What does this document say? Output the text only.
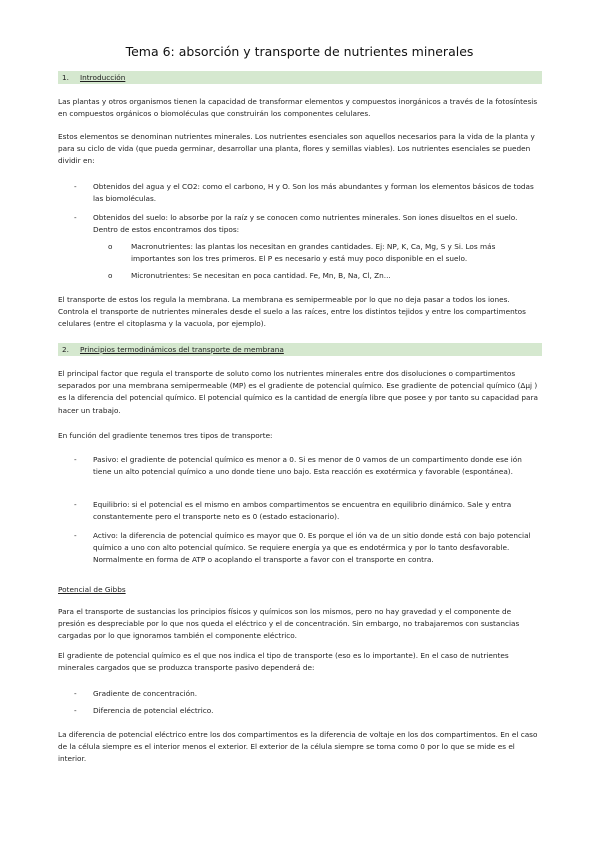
Tema 6: absorción y transporte de nutrientes minerales
1. Introducción

Las plantas y otros organismos tienen la capacidad de transformar elementos y compuestos inorgánicos a través de la fotosíntesis en compuestos orgánicos o biomoléculas que construirán los componentes celulares.

Estos elementos se denominan nutrientes minerales. Los nutrientes esenciales son aquellos necesarios para la vida de la planta y para su ciclo de vida (que pueda germinar, desarrollar una planta, flores y semillas viables). Los nutrientes esenciales se pueden dividir en:

- Obtenidos del agua y el CO2: como el carbono, H y O. Son los más abundantes y forman los elementos básicos de todas las biomoléculas.
- Obtenidos del suelo: lo absorbe por la raíz y se conocen como nutrientes minerales. Son iones disueltos en el suelo. Dentro de estos encontramos dos tipos:
o	Macronutrientes: las plantas los necesitan en grandes cantidades. Ej: NP, K, Ca, Mg, S y Si. Los más importantes son los tres primeros. El P es necesario y está muy poco disponible en el suelo.
o	Micronutrientes: Se necesitan en poca cantidad. Fe, Mn, B, Na, Cl, Zn...

El transporte de estos los regula la membrana. La membrana es semipermeable por lo que no deja pasar a todos los iones. Controla el transporte de nutrientes minerales desde el suelo a las raíces, entre los distintos tejidos y entre los compartimentos celulares (entre el citoplasma y la vacuola, por ejemplo).

2. Principios termodinámicos del transporte de membrana

El principal factor que regula el transporte de soluto como los nutrientes minerales entre dos disoluciones o compartimentos separados por una membrana semipermeable (MP) es el gradiente de potencial químico. Ese gradiente de potencial químico (Δμj ) es la diferencia del potencial químico. El potencial químico es la cantidad de energía libre que posee y por tanto su capacidad para hacer un trabajo.

En función del gradiente tenemos tres tipos de transporte:

- Pasivo: el gradiente de potencial químico es menor a 0. Si es menor de 0 vamos de un compartimento donde ese ión tiene un alto potencial químico a uno donde tiene uno bajo. Esta reacción es exotérmica y favorable (espontánea).
- Equilibrio: si el potencial es el mismo en ambos compartimentos se encuentra en equilibrio dinámico. Sale y entra constantemente pero el transporte neto es 0 (estado estacionario).
- Activo: la diferencia de potencial químico es mayor que 0. Es porque el ión va de un sitio donde está con bajo potencial químico a uno con alto potencial químico. Se requiere energía ya que es endotérmica y por lo tanto desfavorable. Normalmente en forma de ATP o acoplando el transporte a favor con el transporte en contra.

Potencial de Gibbs

Para el transporte de sustancias los principios físicos y químicos son los mismos, pero no hay gravedad y el componente de presión es despreciable por lo que nos queda el eléctrico y el de concentración. Sin embargo, no trabajaremos con sustancias cargadas por lo que ignoramos también el componente eléctrico.

El gradiente de potencial químico es el que nos indica el tipo de transporte (eso es lo importante). En el caso de nutrientes minerales cargados que se produzca transporte pasivo dependerá de:

- Gradiente de concentración.
- Diferencia de potencial eléctrico.

La diferencia de potencial eléctrico entre los dos compartimentos es la diferencia de voltaje en los dos compartimentos. En el caso de la célula siempre es el interior menos el exterior. El exterior de la célula siempre se toma como 0 por lo que se mide es el interior.
